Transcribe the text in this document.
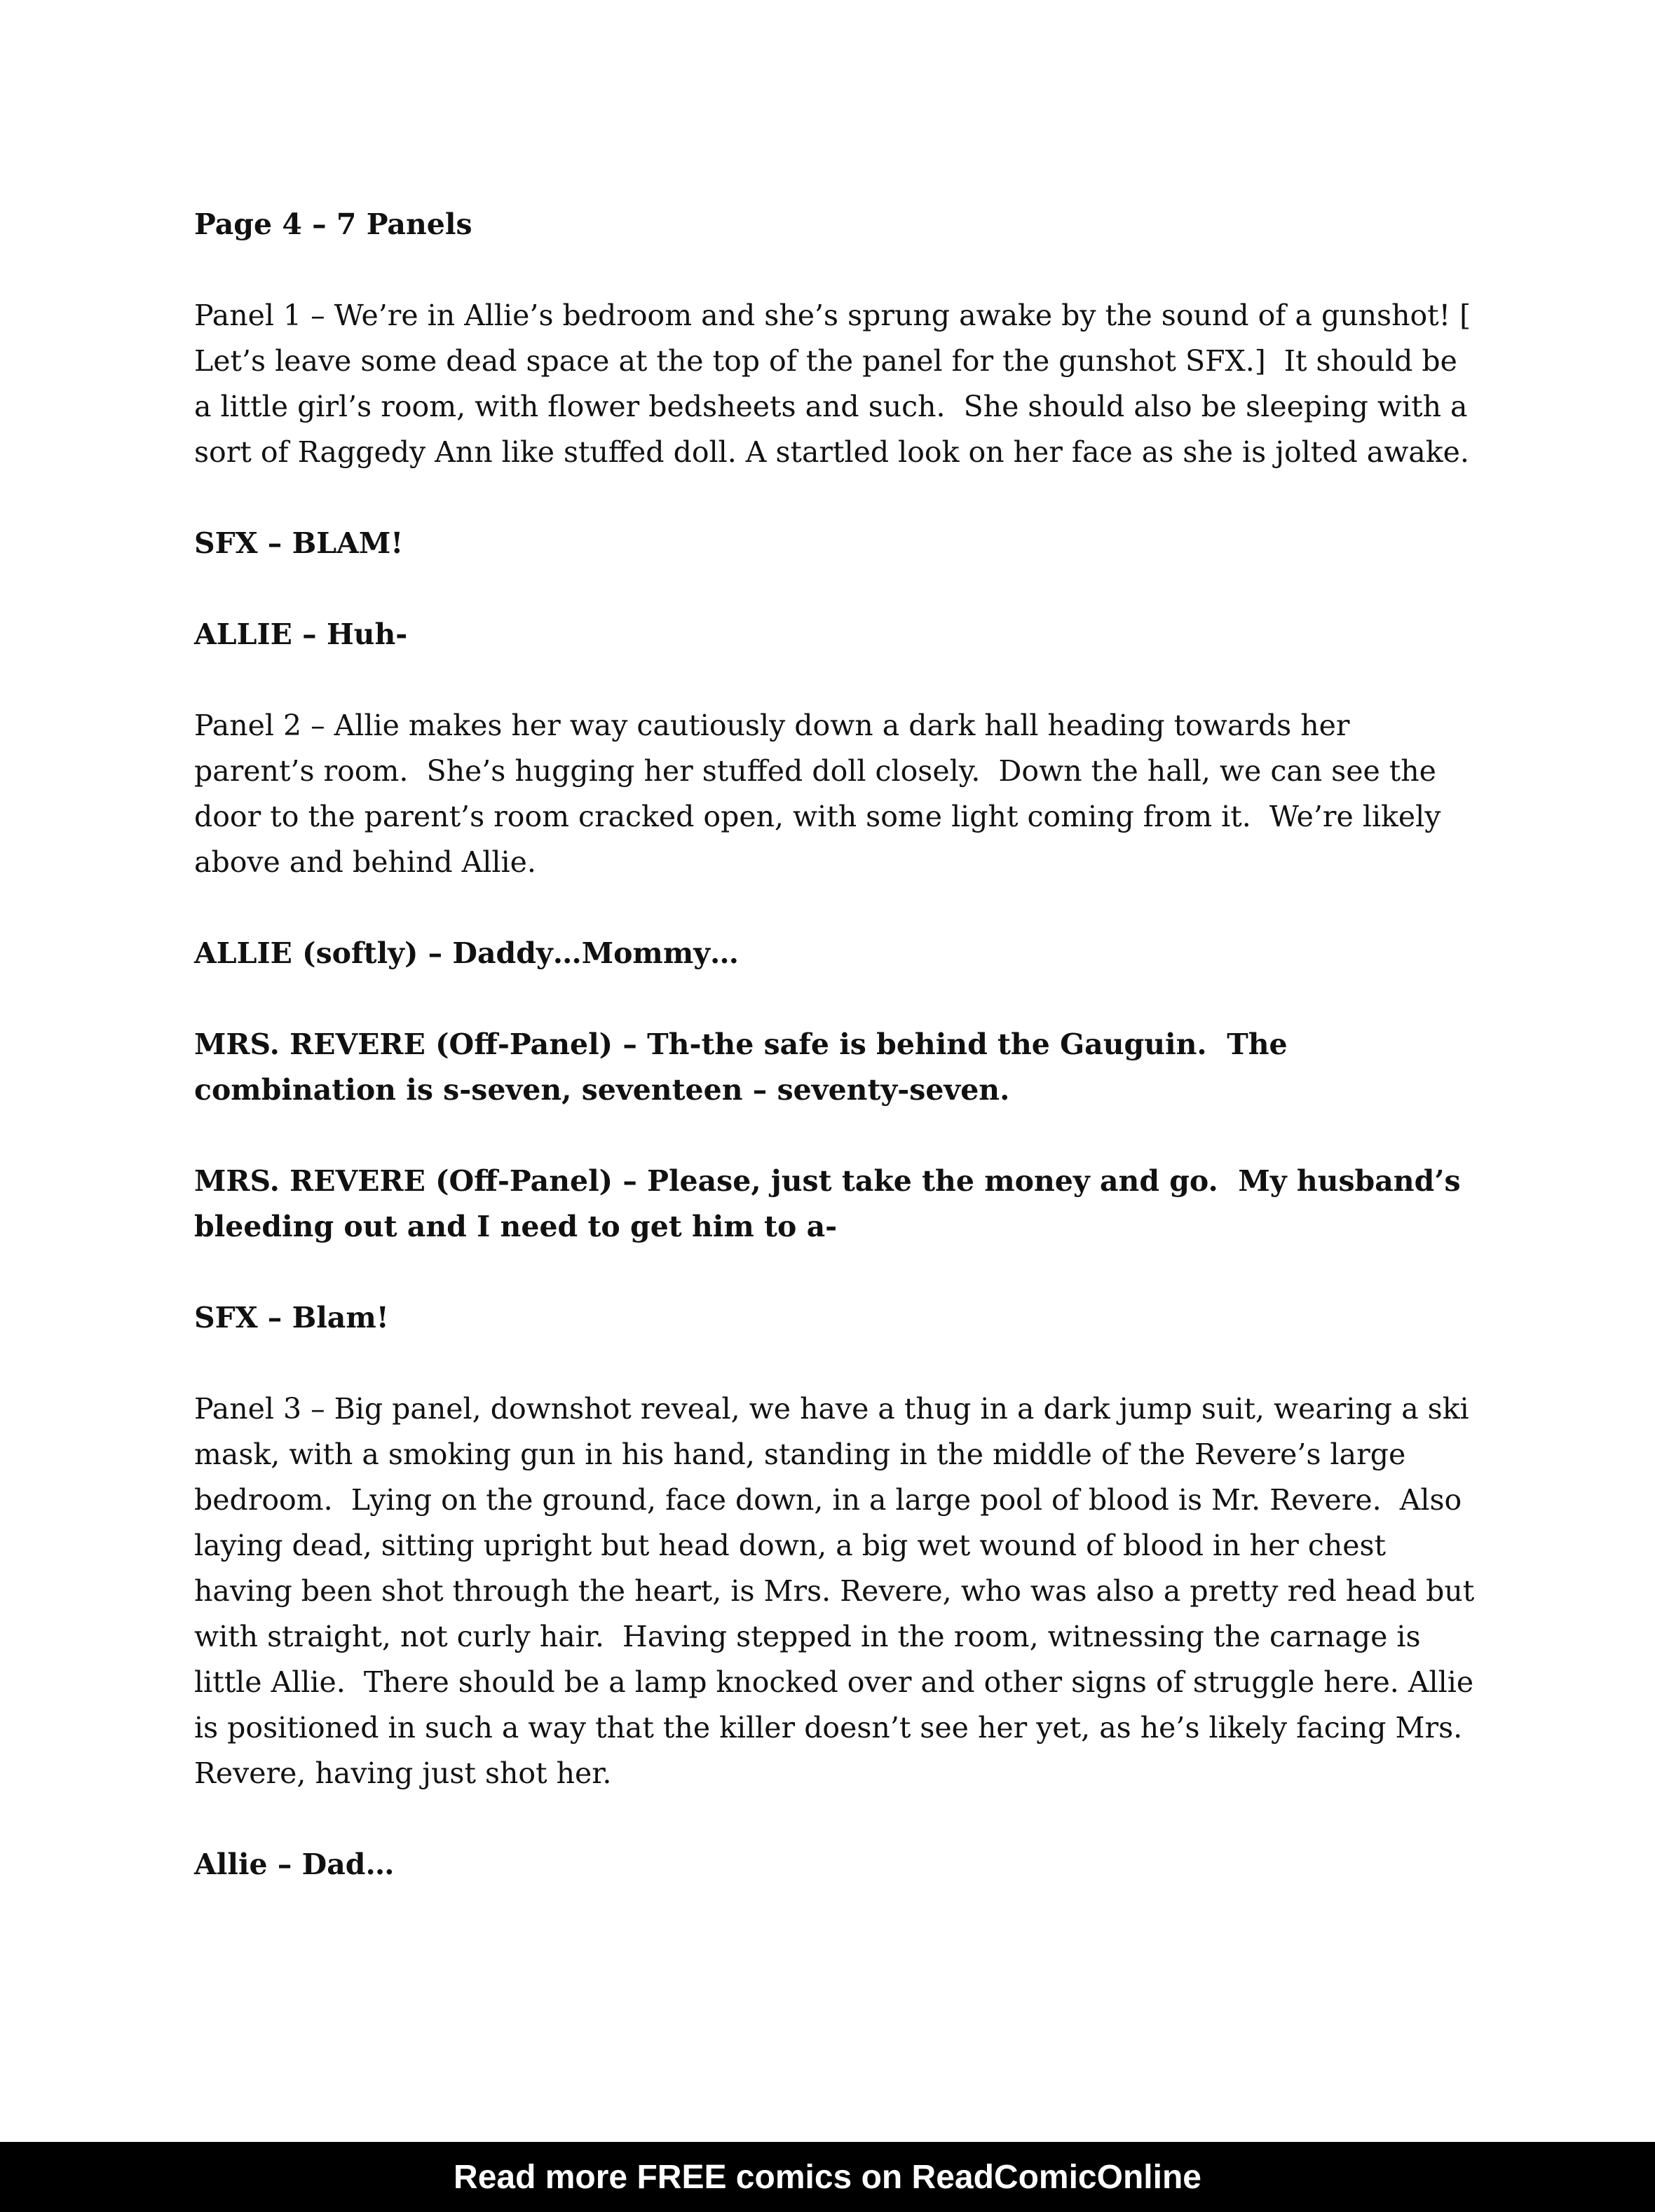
Page 4 – 7 Panels

Panel 1 – We’re in Allie’s bedroom and she’s sprung awake by the sound of a gunshot! [ Let’s leave some dead space at the top of the panel for the gunshot SFX.]  It should be a little girl’s room, with flower bedsheets and such.  She should also be sleeping with a sort of Raggedy Ann like stuffed doll. A startled look on her face as she is jolted awake.

SFX – BLAM!

ALLIE – Huh-

Panel 2 – Allie makes her way cautiously down a dark hall heading towards her parent’s room.  She’s hugging her stuffed doll closely.  Down the hall, we can see the door to the parent’s room cracked open, with some light coming from it.  We’re likely above and behind Allie.

ALLIE (softly) – Daddy…Mommy…

MRS. REVERE (Off-Panel) – Th-the safe is behind the Gauguin.  The combination is s-seven, seventeen – seventy-seven.

MRS. REVERE (Off-Panel) – Please, just take the money and go.  My husband’s bleeding out and I need to get him to a-

SFX – Blam!

Panel 3 – Big panel, downshot reveal, we have a thug in a dark jump suit, wearing a ski mask, with a smoking gun in his hand, standing in the middle of the Revere’s large bedroom.  Lying on the ground, face down, in a large pool of blood is Mr. Revere.  Also laying dead, sitting upright but head down, a big wet wound of blood in her chest having been shot through the heart, is Mrs. Revere, who was also a pretty red head but with straight, not curly hair.  Having stepped in the room, witnessing the carnage is little Allie.  There should be a lamp knocked over and other signs of struggle here. Allie is positioned in such a way that the killer doesn’t see her yet, as he’s likely facing Mrs. Revere, having just shot her.

Allie – Dad…

Read more FREE comics on ReadComicOnline
